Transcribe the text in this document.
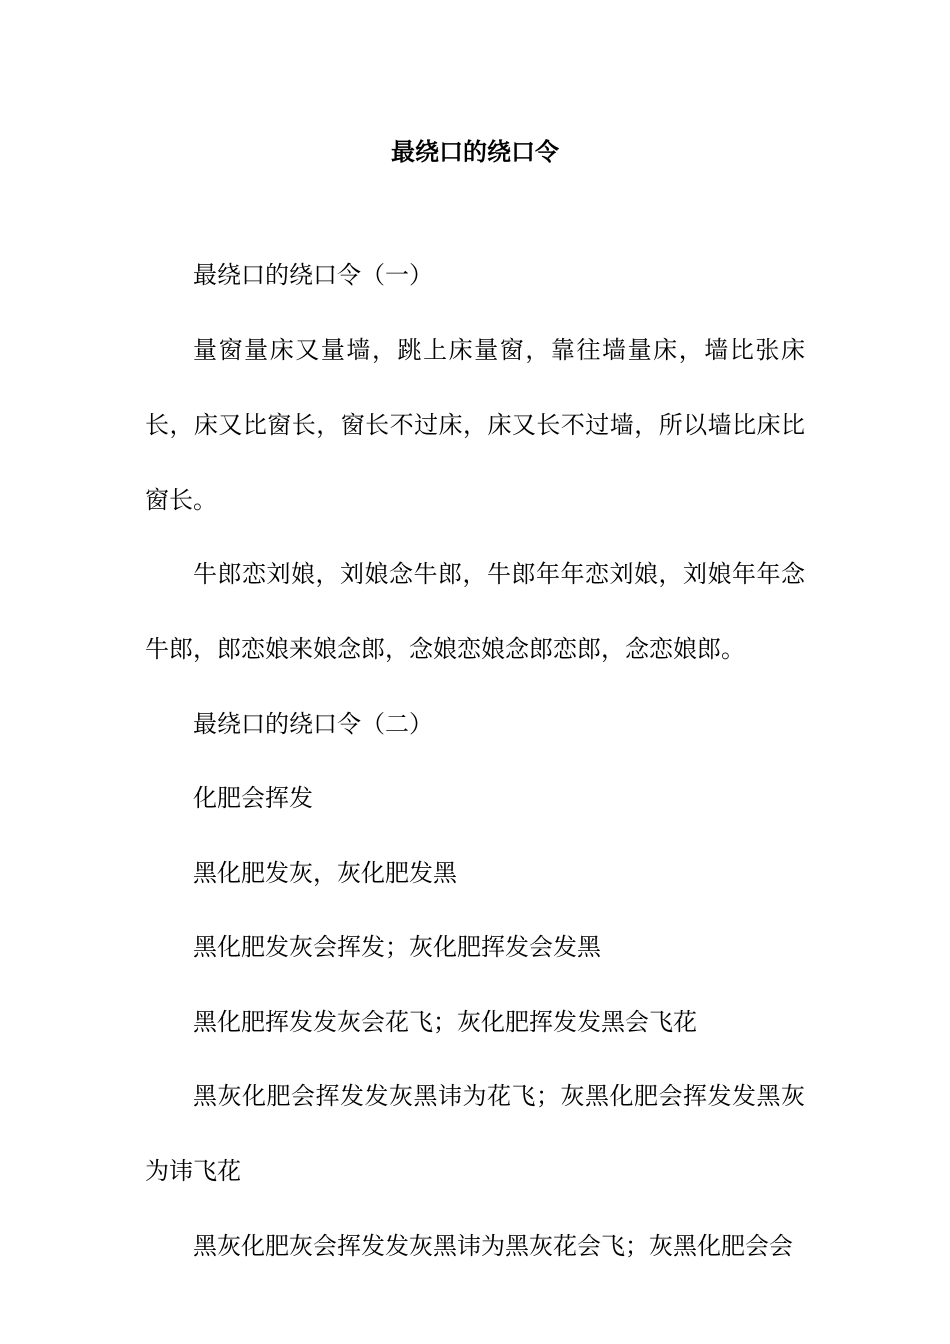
最绕口的绕口令

最绕口的绕口令（一）

量窗量床又量墙，跳上床量窗，靠往墙量床，墙比张床长，床又比窗长，窗长不过床，床又长不过墙，所以墙比床比窗长。

牛郎恋刘娘，刘娘念牛郎，牛郎年年恋刘娘，刘娘年年念牛郎，郎恋娘来娘念郎，念娘恋娘念郎恋郎，念恋娘郎。

最绕口的绕口令（二）

化肥会挥发

黑化肥发灰，灰化肥发黑

黑化肥发灰会挥发；灰化肥挥发会发黑

黑化肥挥发发灰会花飞；灰化肥挥发发黑会飞花

黑灰化肥会挥发发灰黑讳为花飞；灰黑化肥会挥发发黑灰为讳飞花

黑灰化肥灰会挥发发灰黑讳为黑灰花会飞；灰黑化肥会会
